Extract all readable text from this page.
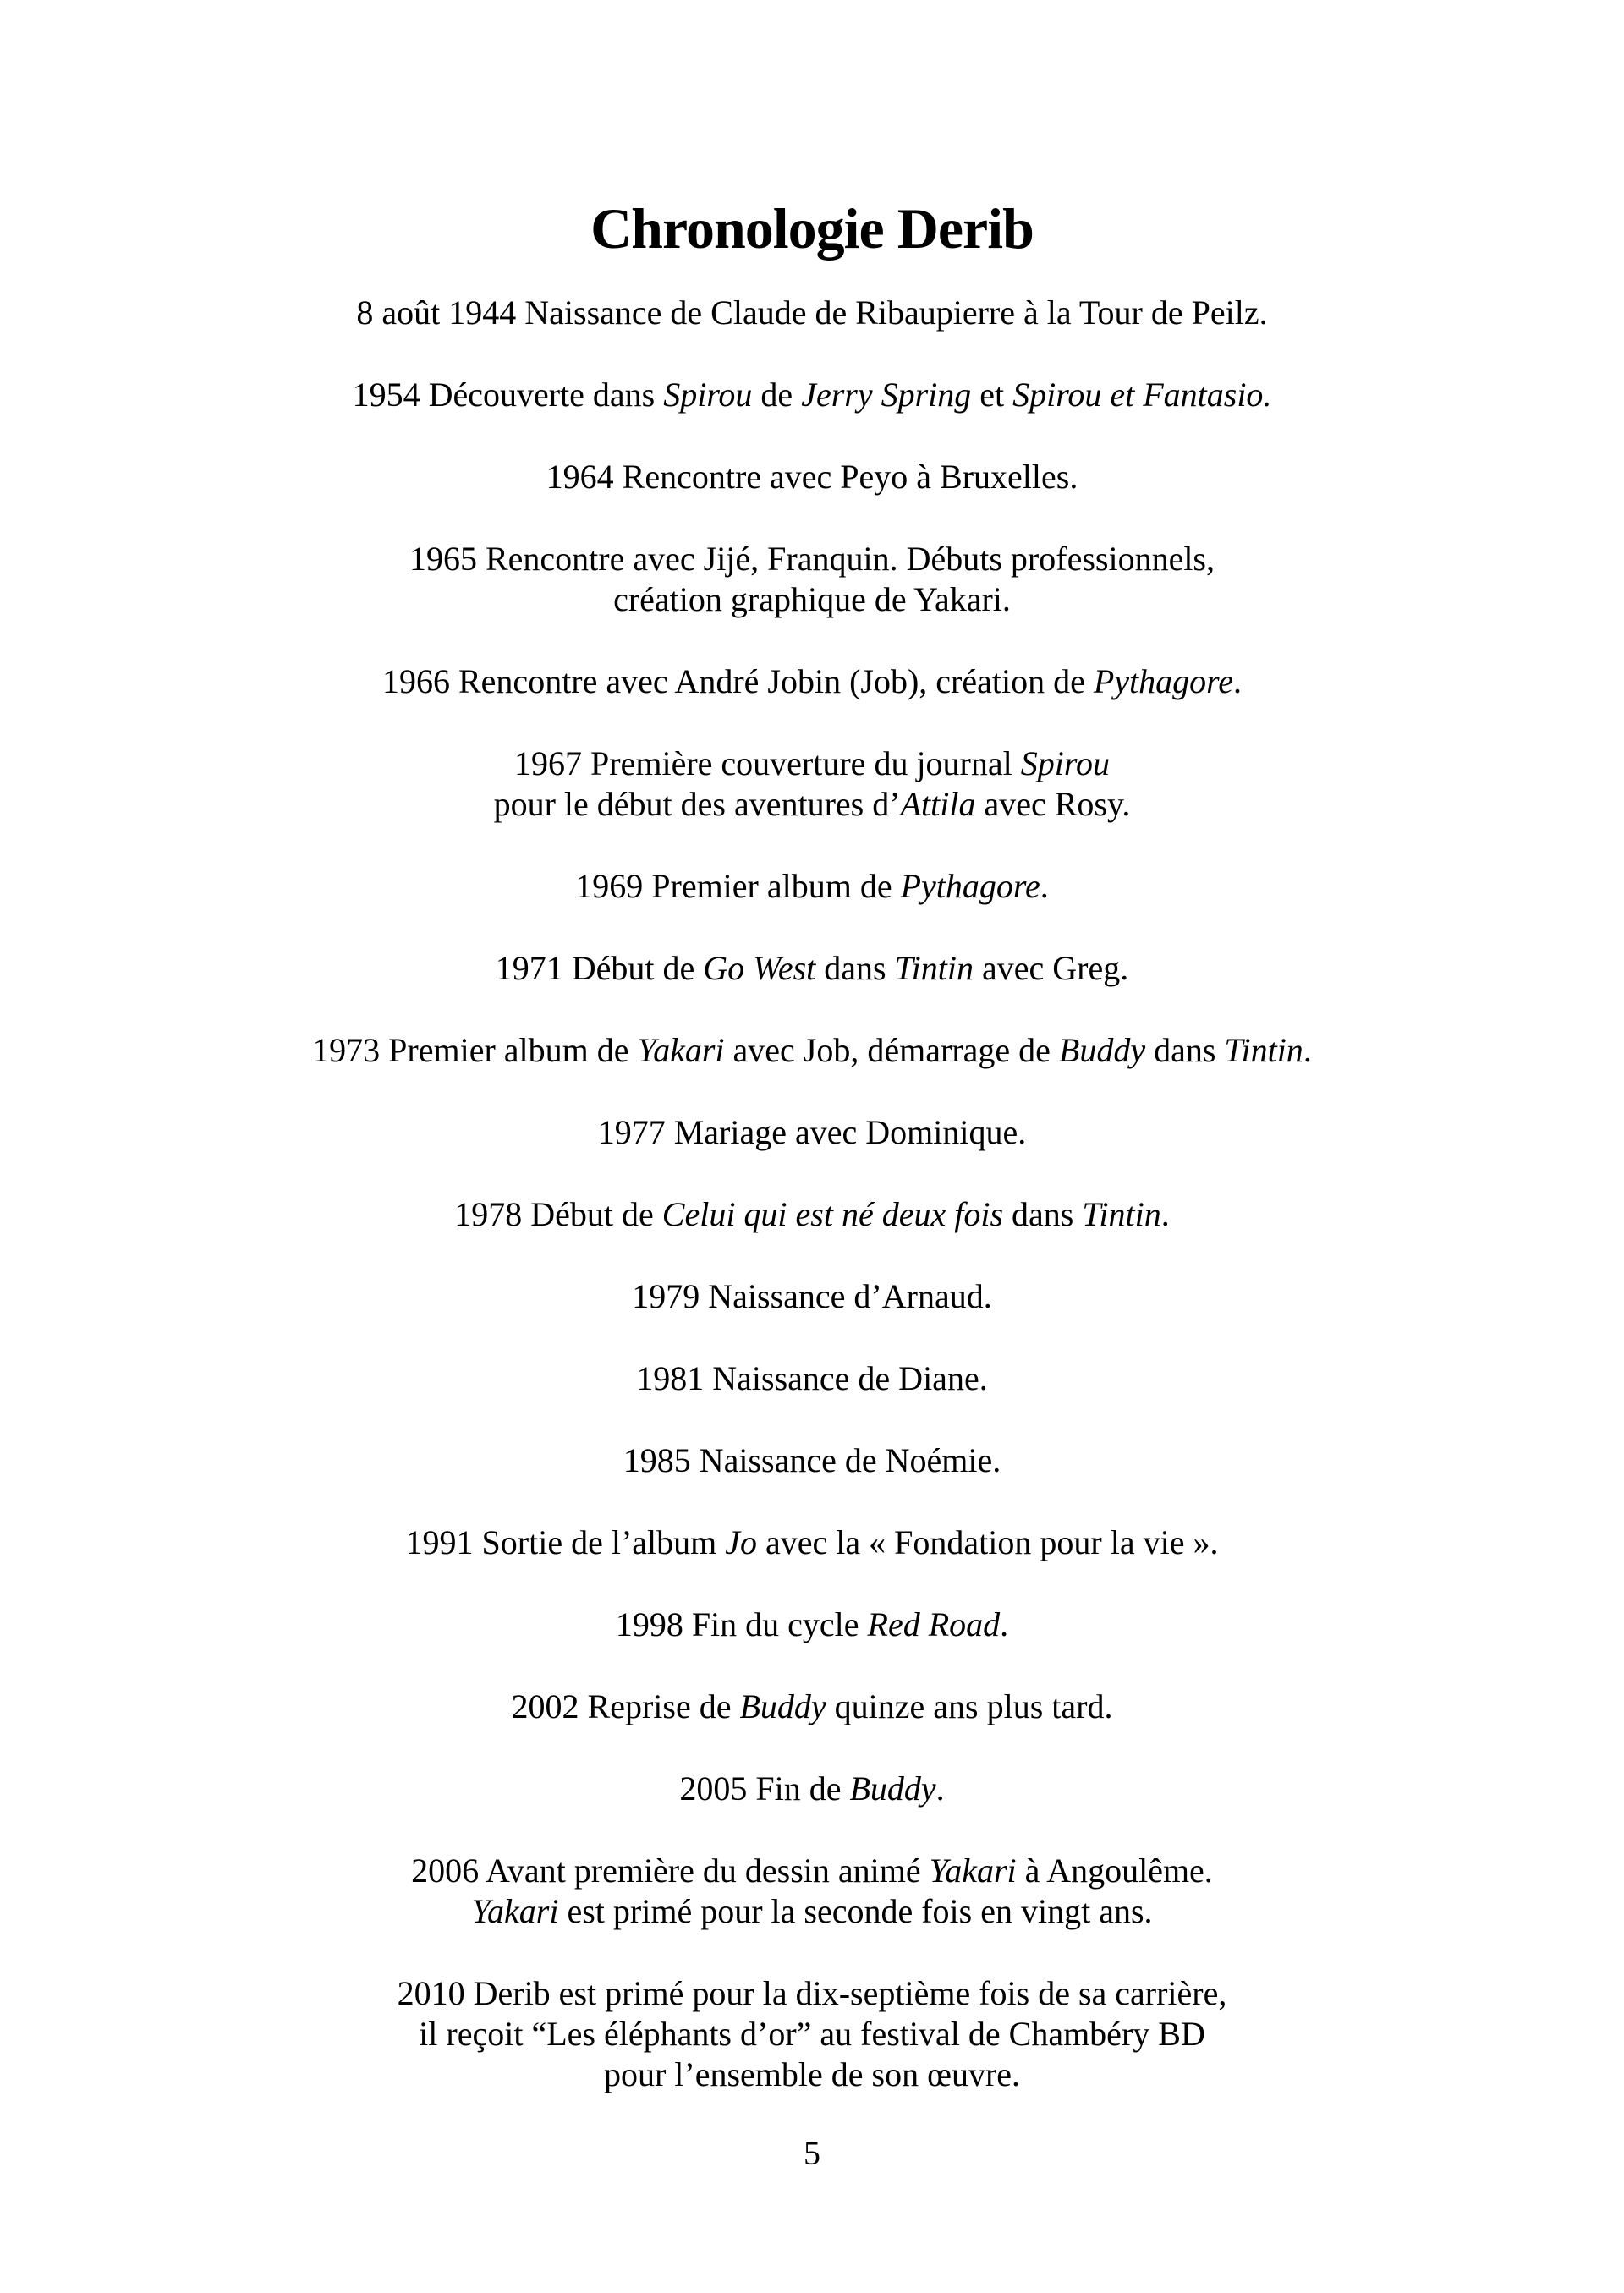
Chronologie Derib

8 août 1944 Naissance de Claude de Ribaupierre à la Tour de Peilz.

1954 Découverte dans Spirou de Jerry Spring et Spirou et Fantasio.

1964 Rencontre avec Peyo à Bruxelles.

1965 Rencontre avec Jijé, Franquin. Débuts professionnels,
création graphique de Yakari.

1966 Rencontre avec André Jobin (Job), création de Pythagore.

1967 Première couverture du journal Spirou
pour le début des aventures d’Attila avec Rosy.

1969 Premier album de Pythagore.

1971 Début de Go West dans Tintin avec Greg.

1973 Premier album de Yakari avec Job, démarrage de Buddy dans Tintin.

1977 Mariage avec Dominique.

1978 Début de Celui qui est né deux fois dans Tintin.

1979 Naissance d’Arnaud.

1981 Naissance de Diane.

1985 Naissance de Noémie.

1991 Sortie de l’album Jo avec la « Fondation pour la vie ».

1998 Fin du cycle Red Road.

2002 Reprise de Buddy quinze ans plus tard.

2005 Fin de Buddy.

2006 Avant première du dessin animé Yakari à Angoulême.
Yakari est primé pour la seconde fois en vingt ans.

2010 Derib est primé pour la dix-septième fois de sa carrière,
il reçoit “Les éléphants d’or” au festival de Chambéry BD
pour l’ensemble de son œuvre.

5
